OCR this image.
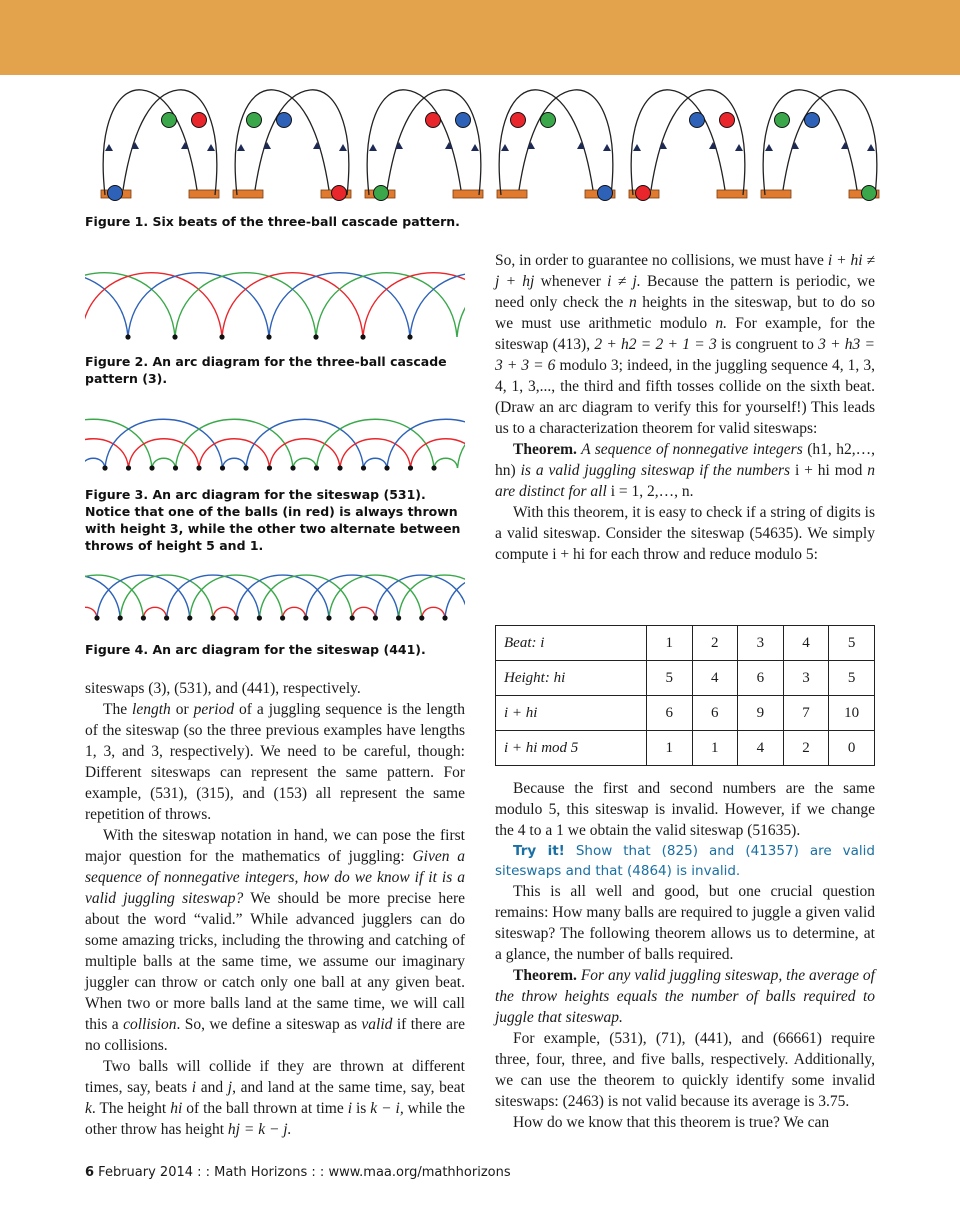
Figure 1. Six beats of the three-ball cascade pattern.
Figure 2. An arc diagram for the three-ball cascade pattern (3).
Figure 3. An arc diagram for the siteswap (531). Notice that one of the balls (in red) is always thrown with height 3, while the other two alternate between throws of height 5 and 1.
Figure 4. An arc diagram for the siteswap (441).

siteswaps (3), (531), and (441), respectively.

The length or period of a juggling sequence is the length of the siteswap (so the three previous examples have lengths 1, 3, and 3, respectively). We need to be careful, though: Different siteswaps can represent the same pattern. For example, (531), (315), and (153) all represent the same repetition of throws.

With the siteswap notation in hand, we can pose the first major question for the mathematics of juggling: Given a sequence of nonnegative integers, how do we know if it is a valid juggling siteswap? We should be more precise here about the word “valid.” While advanced jugglers can do some amazing tricks, including the throwing and catching of multiple balls at the same time, we assume our imaginary juggler can throw or catch only one ball at any given beat. When two or more balls land at the same time, we will call this a collision. So, we define a siteswap as valid if there are no collisions.

Two balls will collide if they are thrown at different times, say, beats i and j, and land at the same time, say, beat k. The height hi of the ball thrown at time i is k − i, while the other throw has height hj = k − j.

So, in order to guarantee no collisions, we must have i + hi ≠ j + hj whenever i ≠ j. Because the pattern is periodic, we need only check the n heights in the siteswap, but to do so we must use arithmetic modulo n. For example, for the siteswap (413), 2 + h2 = 2 + 1 = 3 is congruent to 3 + h3 = 3 + 3 = 6 modulo 3; indeed, in the juggling sequence 4, 1, 3, 4, 1, 3,..., the third and fifth tosses collide on the sixth beat. (Draw an arc diagram to verify this for yourself!) This leads us to a characterization theorem for valid siteswaps:

Theorem. A sequence of nonnegative integers (h1, h2,…, hn) is a valid juggling siteswap if the numbers i + hi mod n are distinct for all i = 1, 2,…, n.

With this theorem, it is easy to check if a string of digits is a valid siteswap. Consider the siteswap (54635). We simply compute i + hi for each throw and reduce modulo 5:

Beat: i	1	2	3	4	5
Height: hi	5	4	6	3	5
i + hi	6	6	9	7	10
i + hi mod 5	1	1	4	2	0

Because the first and second numbers are the same modulo 5, this siteswap is invalid. However, if we change the 4 to a 1 we obtain the valid siteswap (51635).

Try it! Show that (825) and (41357) are valid siteswaps and that (4864) is invalid.

This is all well and good, but one crucial question remains: How many balls are required to juggle a given valid siteswap? The following theorem allows us to determine, at a glance, the number of balls required.

Theorem. For any valid juggling siteswap, the average of the throw heights equals the number of balls required to juggle that siteswap.

For example, (531), (71), (441), and (66661) require three, four, three, and five balls, respectively. Additionally, we can use the theorem to quickly identify some invalid siteswaps: (2463) is not valid because its average is 3.75.

How do we know that this theorem is true? We can

6 February 2014 : : Math Horizons : : www.maa.org/mathhorizons
